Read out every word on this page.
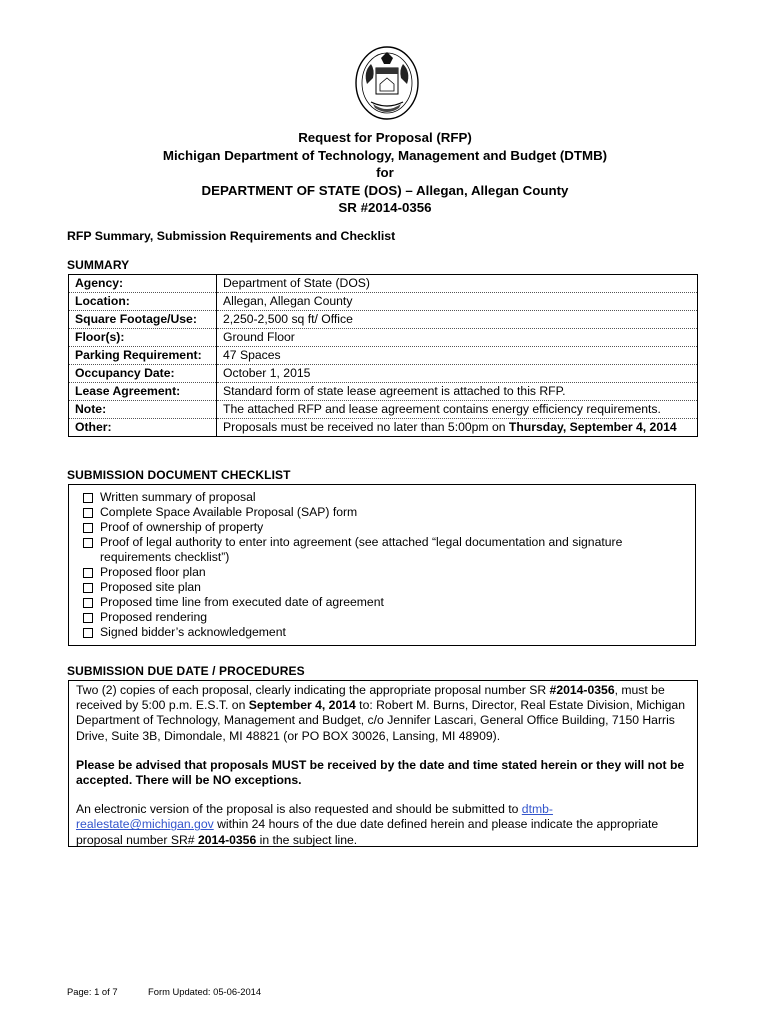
Request for Proposal (RFP)
Michigan Department of Technology, Management and Budget (DTMB)
for
DEPARTMENT OF STATE (DOS) – Allegan, Allegan County
SR #2014-0356
RFP Summary, Submission Requirements and Checklist
SUMMARY
Agency:	Department of State (DOS)
Location:	Allegan, Allegan County
Square Footage/Use:	2,250-2,500 sq ft/ Office
Floor(s):	Ground Floor
Parking Requirement:	47 Spaces
Occupancy Date:	October 1, 2015
Lease Agreement:	Standard form of state lease agreement is attached to this RFP.
Note:	The attached RFP and lease agreement contains energy efficiency requirements.
Other:	Proposals must be received no later than 5:00pm on Thursday, September 4, 2014
SUBMISSION DOCUMENT CHECKLIST
Written summary of proposal
Complete Space Available Proposal (SAP) form
Proof of ownership of property
Proof of legal authority to enter into agreement (see attached “legal documentation and signature requirements checklist”)
Proposed floor plan
Proposed site plan
Proposed time line from executed date of agreement
Proposed rendering
Signed bidder’s acknowledgement
SUBMISSION DUE DATE / PROCEDURES

Two (2) copies of each proposal, clearly indicating the appropriate proposal number SR #2014-0356, must be received by 5:00 p.m. E.S.T. on September 4, 2014 to: Robert M. Burns, Director, Real Estate Division, Michigan Department of Technology, Management and Budget, c/o Jennifer Lascari, General Office Building, 7150 Harris Drive, Suite 3B, Dimondale, MI 48821 (or PO BOX 30026, Lansing, MI 48909).

Please be advised that proposals MUST be received by the date and time stated herein or they will not be accepted. There will be NO exceptions.

An electronic version of the proposal is also requested and should be submitted to dtmb-realestate@michigan.gov within 24 hours of the due date defined herein and please indicate the appropriate proposal number SR# 2014-0356 in the subject line.

Page: 1 of 7	Form Updated: 05-06-2014
